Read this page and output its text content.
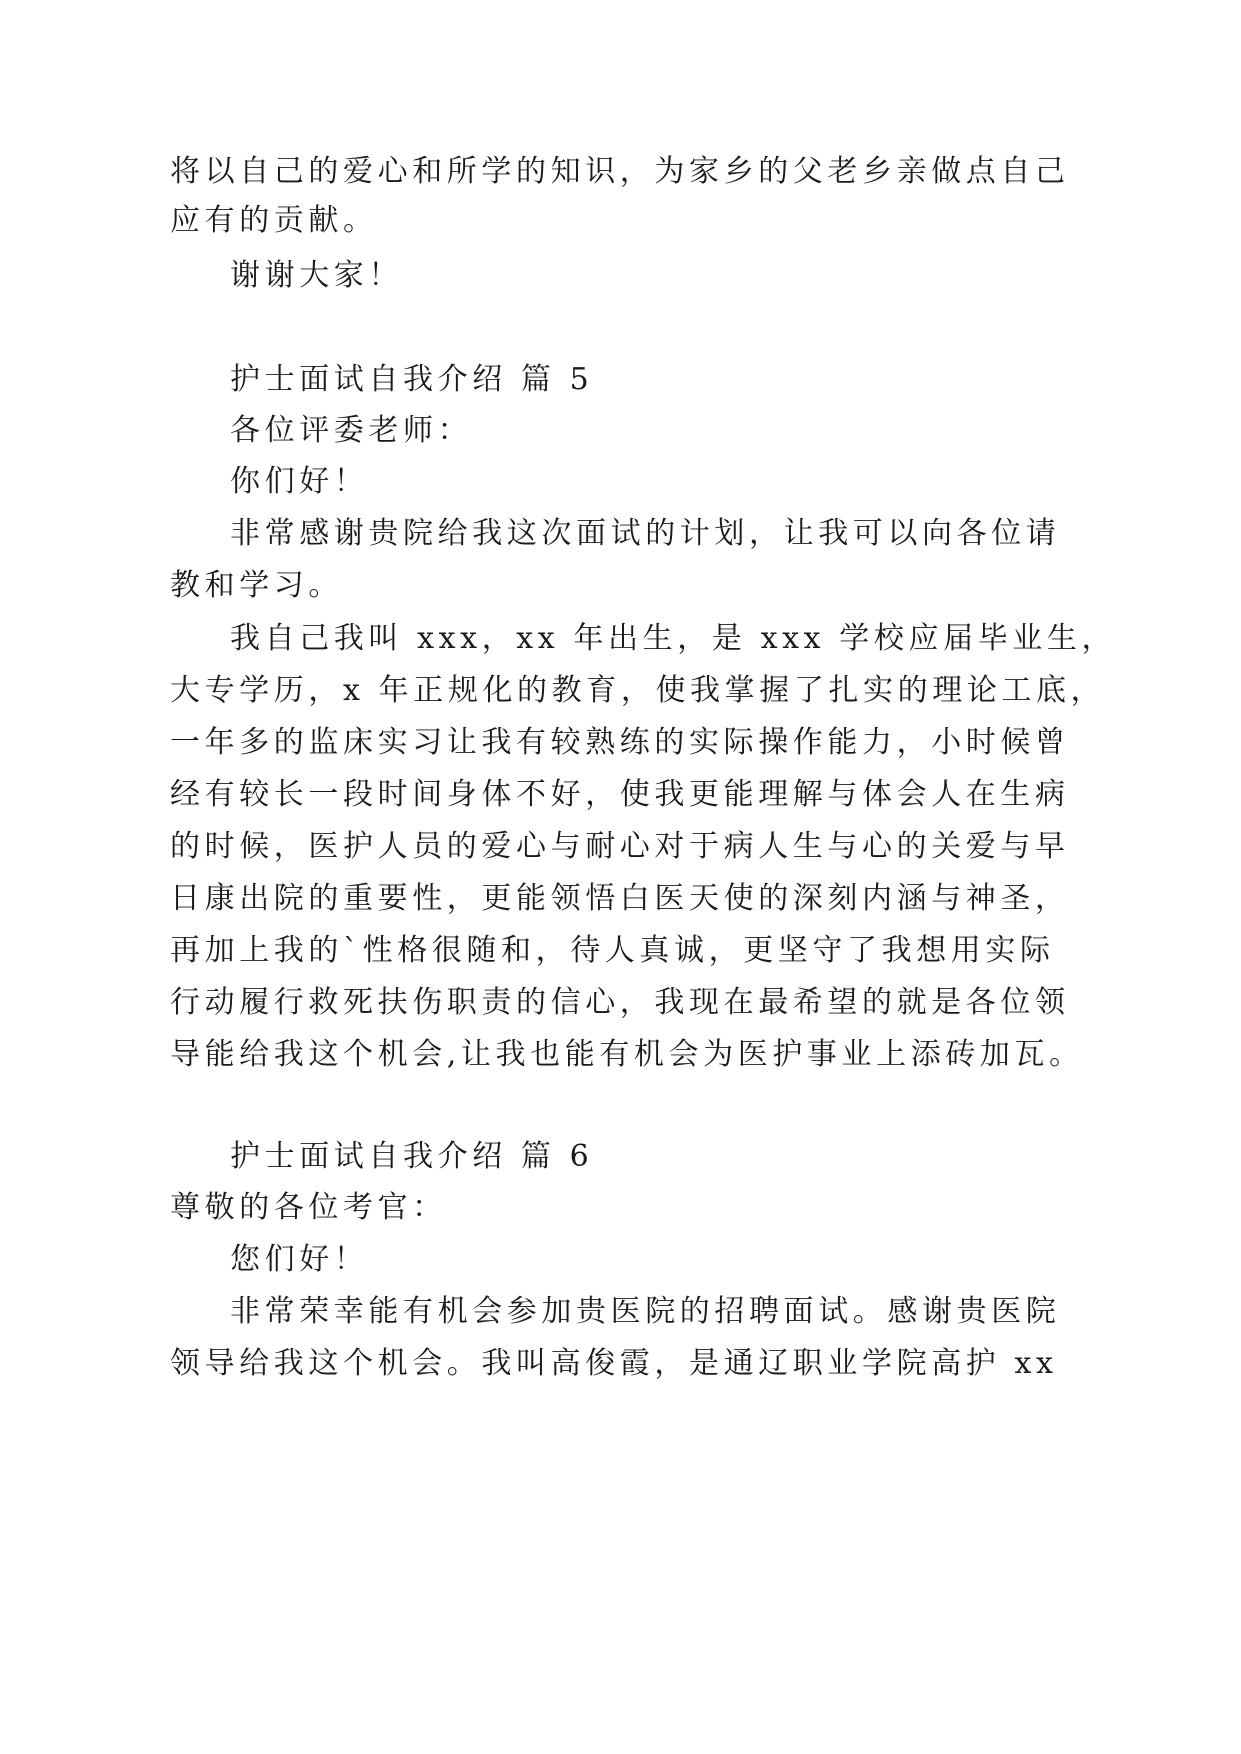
将以自己的爱心和所学的知识，为家乡的父老乡亲做点自己
应有的贡献。
谢谢大家！
护士面试自我介绍 篇 5
各位评委老师：
你们好！
非常感谢贵院给我这次面试的计划，让我可以向各位请
教和学习。
我自己我叫 xxx，xx 年出生，是 xxx 学校应届毕业生，
大专学历，x 年正规化的教育，使我掌握了扎实的理论工底，
一年多的监床实习让我有较熟练的实际操作能力，小时候曾
经有较长一段时间身体不好，使我更能理解与体会人在生病
的时候，医护人员的爱心与耐心对于病人生与心的关爱与早
日康出院的重要性，更能领悟白医天使的深刻内涵与神圣，
再加上我的`性格很随和，待人真诚，更坚守了我想用实际
行动履行救死扶伤职责的信心，我现在最希望的就是各位领
导能给我这个机会,让我也能有机会为医护事业上添砖加瓦。
护士面试自我介绍 篇 6
尊敬的各位考官：
您们好！
非常荣幸能有机会参加贵医院的招聘面试。感谢贵医院
领导给我这个机会。我叫高俊霞，是通辽职业学院高护 xx
